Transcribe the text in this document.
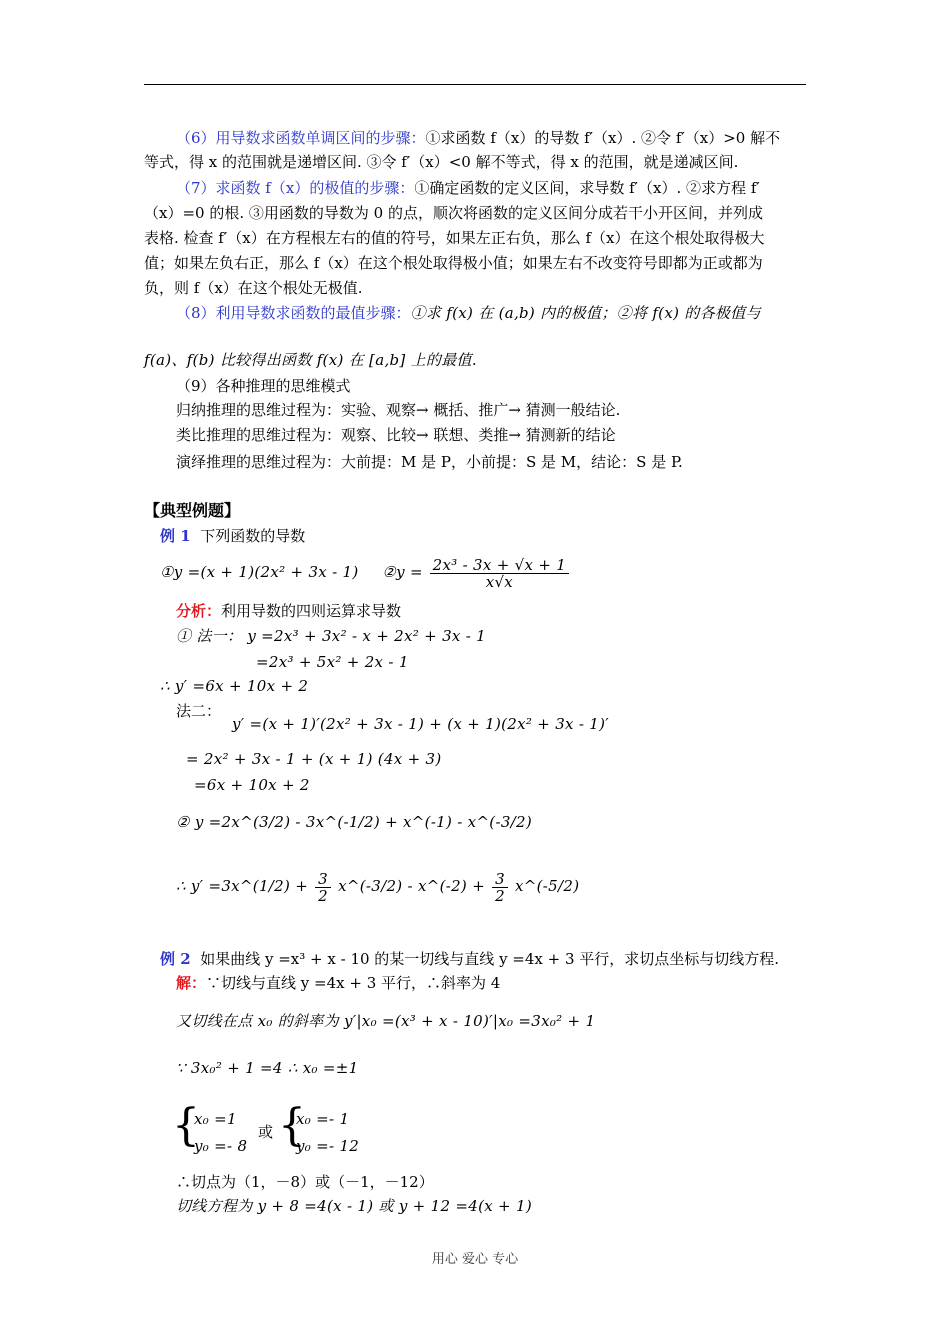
（6）用导数求函数单调区间的步骤：①求函数 f（x）的导数 f′（x）. ②令 f′（x）>0 解不
等式，得 x 的范围就是递增区间. ③令 f′（x）<0 解不等式，得 x 的范围，就是递减区间.
（7）求函数 f（x）的极值的步骤：①确定函数的定义区间，求导数 f′（x）. ②求方程 f′
（x）=0 的根. ③用函数的导数为 0 的点，顺次将函数的定义区间分成若干小开区间，并列成
表格. 检查 f′（x）在方程根左右的值的符号，如果左正右负，那么 f（x）在这个根处取得极大
值；如果左负右正，那么 f（x）在这个根处取得极小值；如果左右不改变符号即都为正或都为
负，则 f（x）在这个根处无极值.
（8）利用导数求函数的最值步骤：①求 f(x) 在 (a,b) 内的极值；②将 f(x) 的各极值与
f(a)、f(b) 比较得出函数 f(x) 在 [a,b] 上的最值.
（9）各种推理的思维模式
归纳推理的思维过程为：实验、观察→ 概括、推广→ 猜测一般结论.
类比推理的思维过程为：观察、比较→ 联想、类推→ 猜测新的结论
演绎推理的思维过程为：大前提：M 是 P，小前提：S 是 M，结论：S 是 P.
【典型例题】
例 1 下列函数的导数
①y =(x + 1)(2x² + 3x - 1) ②y = $\frac{\text{2x³ - 3x + √x + 1}}{x√x}$
分析：利用导数的四则运算求导数
① 法一： y =2x³ + 3x² - x + 2x² + 3x - 1
=2x³ + 5x² + 2x - 1
∴ y′ =6x + 10x + 2
法二：
y′ =(x + 1)′(2x² + 3x - 1) + (x + 1)(2x² + 3x - 1)′
= 2x² + 3x - 1 + (x + 1) (4x + 3)
=6x + 10x + 2
② y =2x^(3/2) - 3x^(-1/2) + x^(-1) - x^(-3/2)
∴ y′ =3x^(1/2) + $\frac{3}{2}$ x^(-3/2) - x^(-2) + $\frac{3}{2}$ x^(-5/2)
例 2 如果曲线 y =x³ + x - 10 的某一切线与直线 y =4x + 3 平行，求切点坐标与切线方程.
解：∵切线与直线 y =4x + 3 平行，∴斜率为 4
又切线在点 x₀ 的斜率为 y′|x₀ =(x³ + x - 10)′|x₀ =3x₀² + 1
∵ 3x₀² + 1 =4 ∴ x₀ =±1
{
x₀ =1
y₀ =- 8
或 {
x₀ =- 1
y₀ =- 12
∴切点为（1，－8）或（－1，－12）
切线方程为 y + 8 =4(x - 1) 或 y + 12 =4(x + 1)
用心 爱心 专心
